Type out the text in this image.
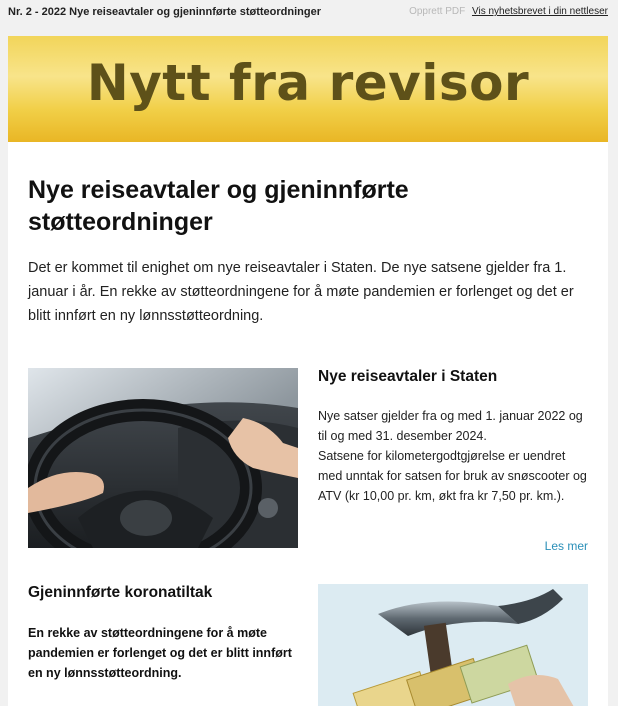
Nr. 2 - 2022 Nye reiseavtaler og gjeninnførte støtteordninger	Opprett PDF Vis nyhetsbrevet i din nettleser
Nytt fra revisor
Nye reiseavtaler og gjeninnførte støtteordninger

Det er kommet til enighet om nye reiseavtaler i Staten. De nye satsene gjelder fra 1. januar i år. En rekke av støtteordningene for å møte pandemien er forlenget og det er blitt innført en ny lønnsstøtteordning.

Nye reiseavtaler i Staten
Nye satser gjelder fra og med 1. januar 2022 og til og med 31. desember 2024.
Satsene for kilometergodtgjørelse er uendret med unntak for satsen for bruk av snøscooter og ATV (kr 10,00 pr. km, økt fra kr 7,50 pr. km.).
Les mer
Gjeninnførte koronatiltak
En rekke av støtteordningene for å møte pandemien er forlenget og det er blitt innført en ny lønnsstøtteordning.
